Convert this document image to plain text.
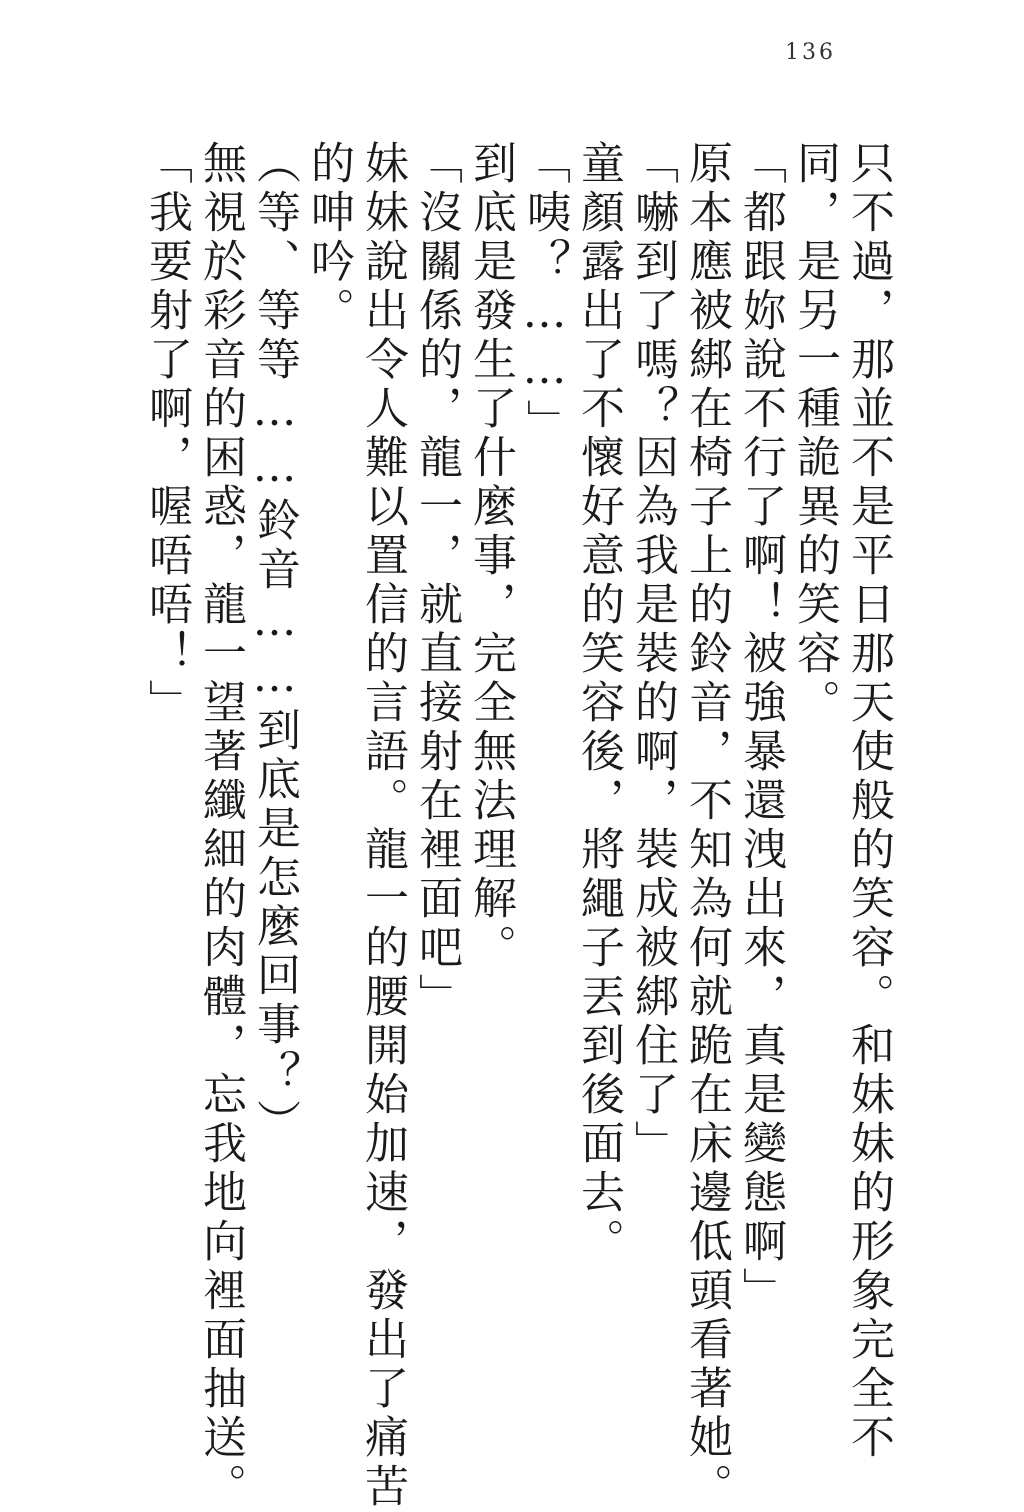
136
只不過，那並不是平日那天使般的笑容。和妹妹的形象完全不
同，是另一種詭異的笑容。
「都跟妳說不行了啊！被強暴還洩出來，真是變態啊」
原本應被綁在椅子上的鈴音，不知為何就跪在床邊低頭看著她。
「嚇到了嗎？因為我是裝的啊，裝成被綁住了」
童顏露出了不懷好意的笑容後，將繩子丟到後面去。
「咦？……」
到底是發生了什麼事，完全無法理解。
「沒關係的，龍一，就直接射在裡面吧」
妹妹說出令人難以置信的言語。龍一的腰開始加速，發出了痛苦
的呻吟。
（等、等等……鈴音……到底是怎麼回事？）
無視於彩音的困惑，龍一望著纖細的肉體，忘我地向裡面抽送。
「我要射了啊，喔唔唔！」
